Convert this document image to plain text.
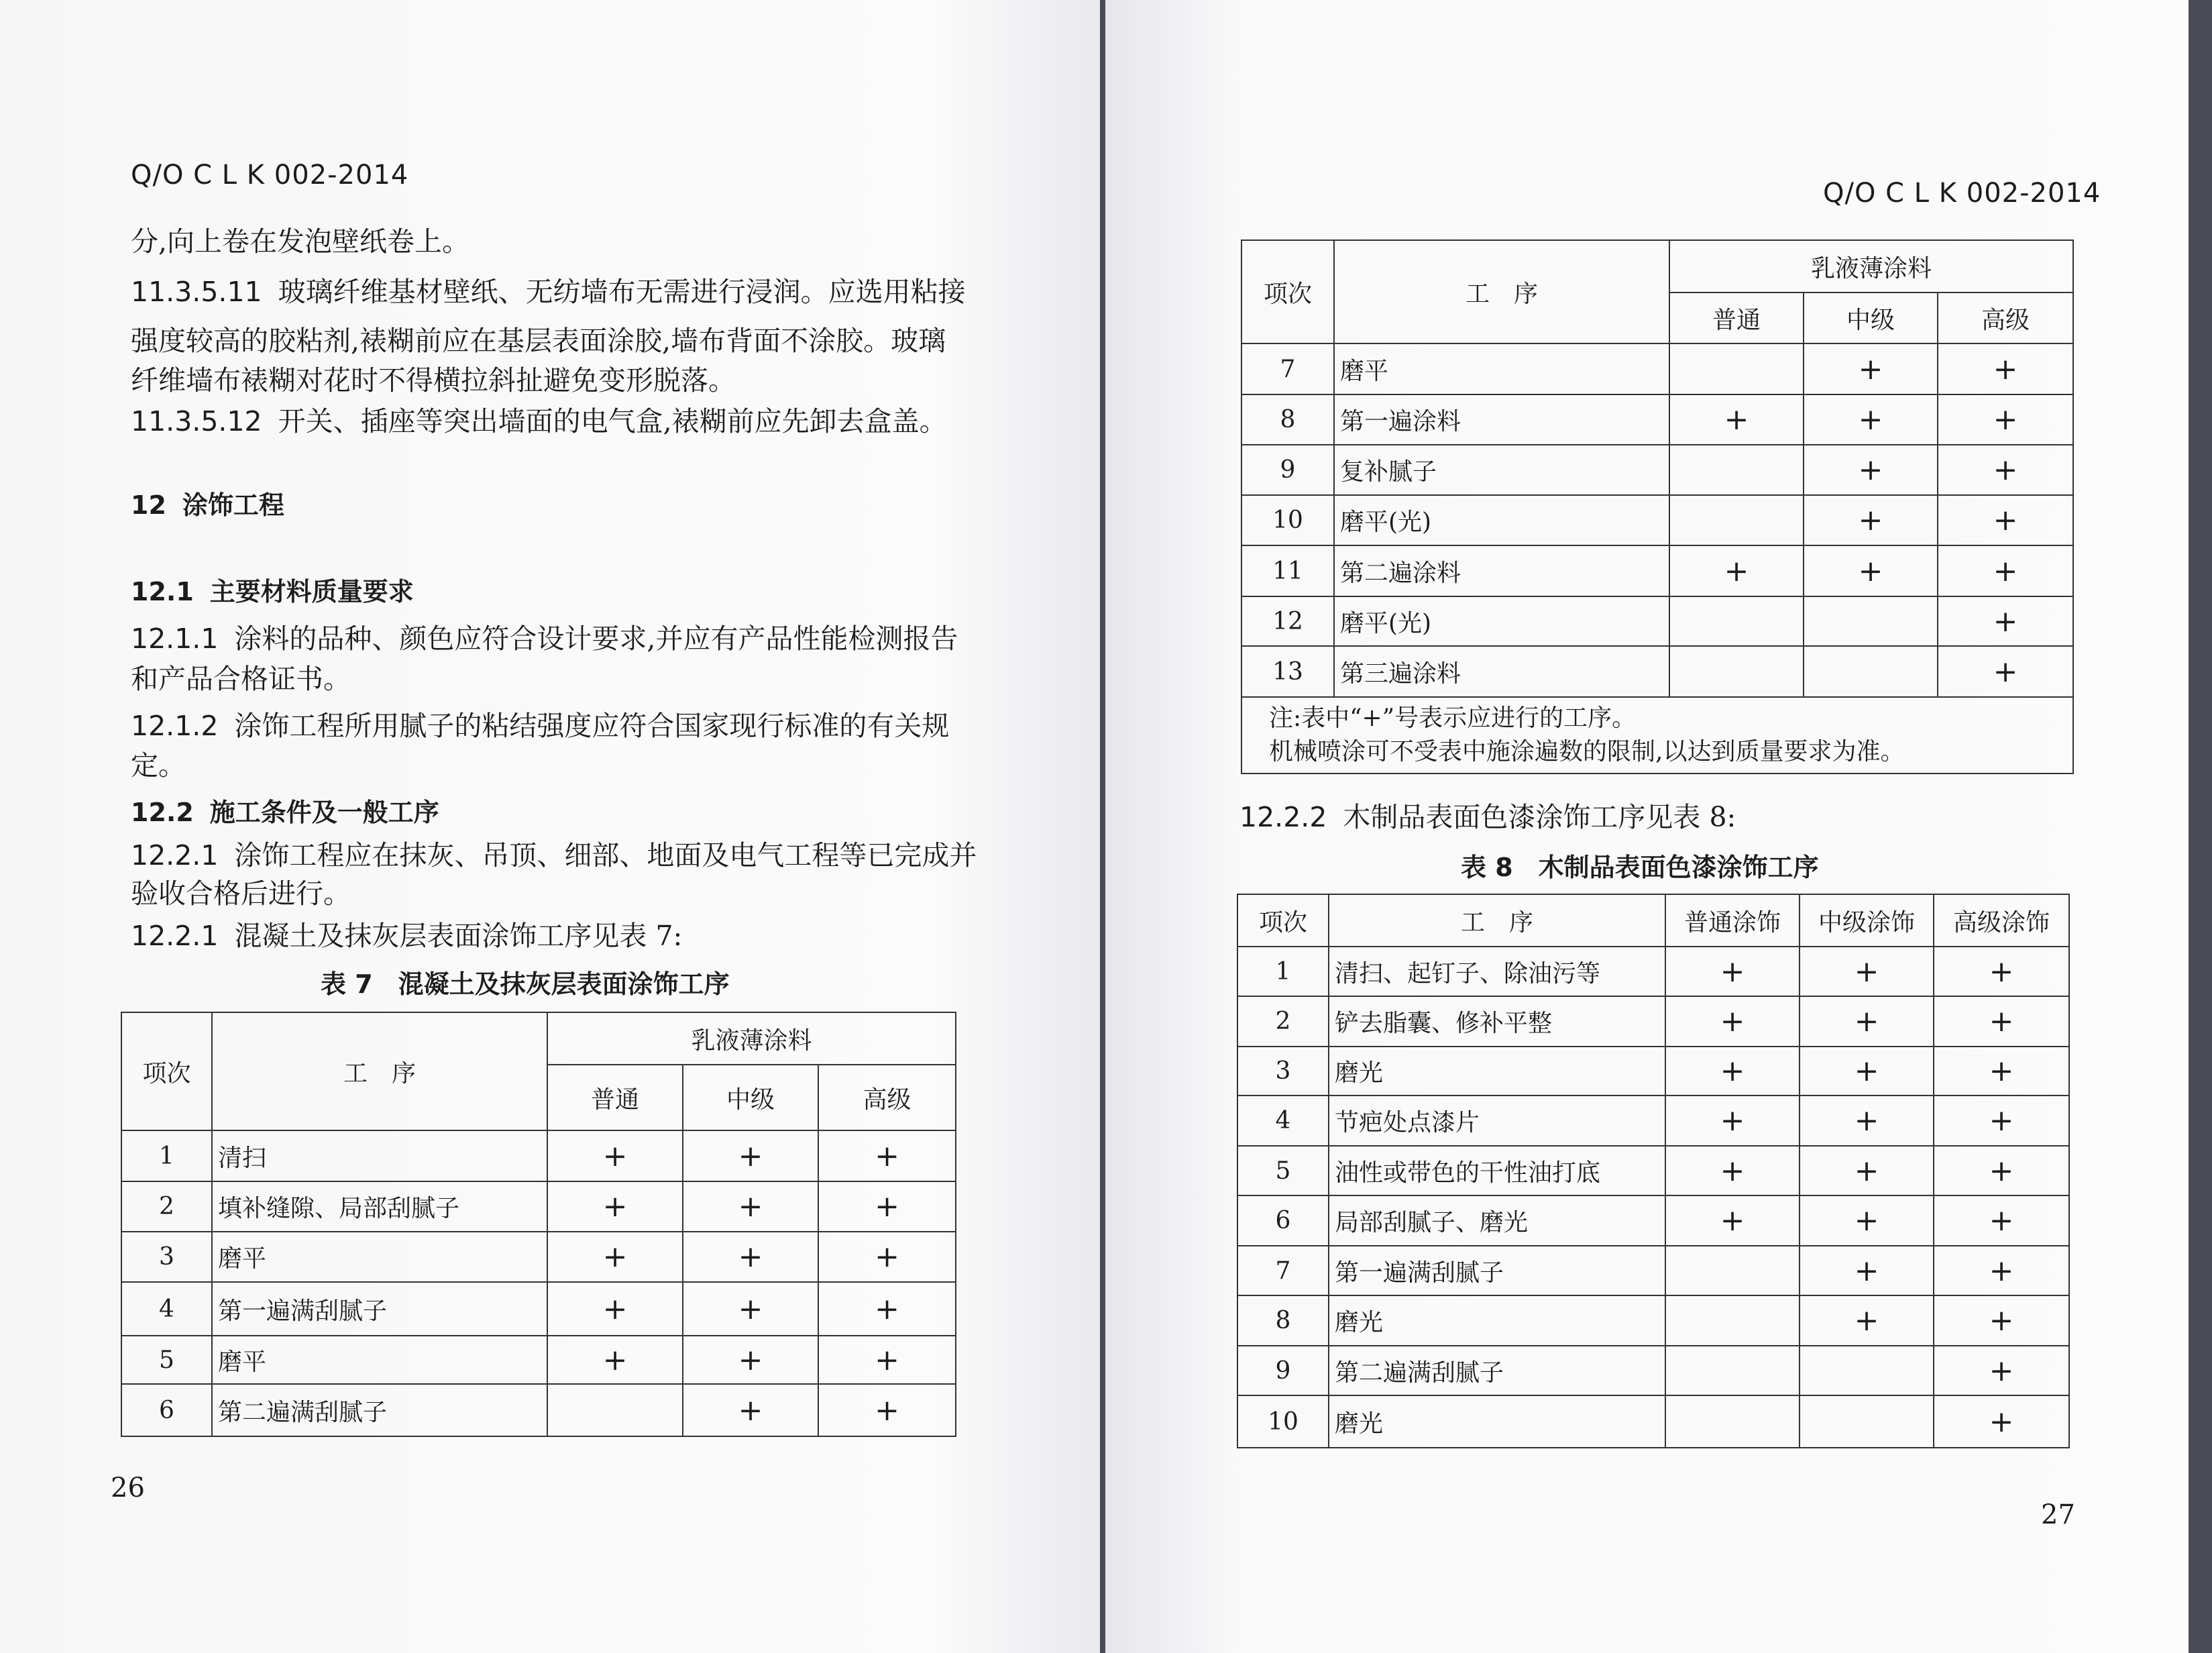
Q/O C L K 002-2014
分,向上卷在发泡壁纸卷上。
11.3.5.11 玻璃纤维基材壁纸、无纺墙布无需进行浸润。应选用粘接
强度较高的胶粘剂,裱糊前应在基层表面涂胶,墙布背面不涂胶。玻璃
纤维墙布裱糊对花时不得横拉斜扯避免变形脱落。
11.3.5.12 开关、插座等突出墙面的电气盒,裱糊前应先卸去盒盖。
12 涂饰工程
12.1 主要材料质量要求
12.1.1 涂料的品种、颜色应符合设计要求,并应有产品性能检测报告
和产品合格证书。
12.1.2 涂饰工程所用腻子的粘结强度应符合国家现行标准的有关规
定。
12.2 施工条件及一般工序
12.2.1 涂饰工程应在抹灰、吊顶、细部、地面及电气工程等已完成并
验收合格后进行。
12.2.1 混凝土及抹灰层表面涂饰工序见表 7:
表 7　混凝土及抹灰层表面涂饰工序
项次	工　序	乳液薄涂料		
		普通	中级	高级
1	清扫	+	+	+
2	填补缝隙、局部刮腻子	+	+	+
3	磨平	+	+	+
4	第一遍满刮腻子	+	+	+
5	磨平	+	+	+
6	第二遍满刮腻子		+	+
26
Q/O C L K 002-2014
项次	工　序	乳液薄涂料		
		普通	中级	高级
7	磨平		+	+
8	第一遍涂料	+	+	+
9	复补腻子		+	+
10	磨平(光)		+	+
11	第二遍涂料	+	+	+
12	磨平(光)			+
13	第三遍涂料			+

注:表中“+”号表示应进行的工序。
机械喷涂可不受表中施涂遍数的限制,以达到质量要求为准。				
12.2.2 木制品表面色漆涂饰工序见表 8:
表 8　木制品表面色漆涂饰工序
项次	工　序	普通涂饰	中级涂饰	高级涂饰
1	清扫、起钉子、除油污等	+	+	+
2	铲去脂囊、修补平整	+	+	+
3	磨光	+	+	+
4	节疤处点漆片	+	+	+
5	油性或带色的干性油打底	+	+	+
6	局部刮腻子、磨光	+	+	+
7	第一遍满刮腻子		+	+
8	磨光		+	+
9	第二遍满刮腻子			+
10	磨光			+
27
